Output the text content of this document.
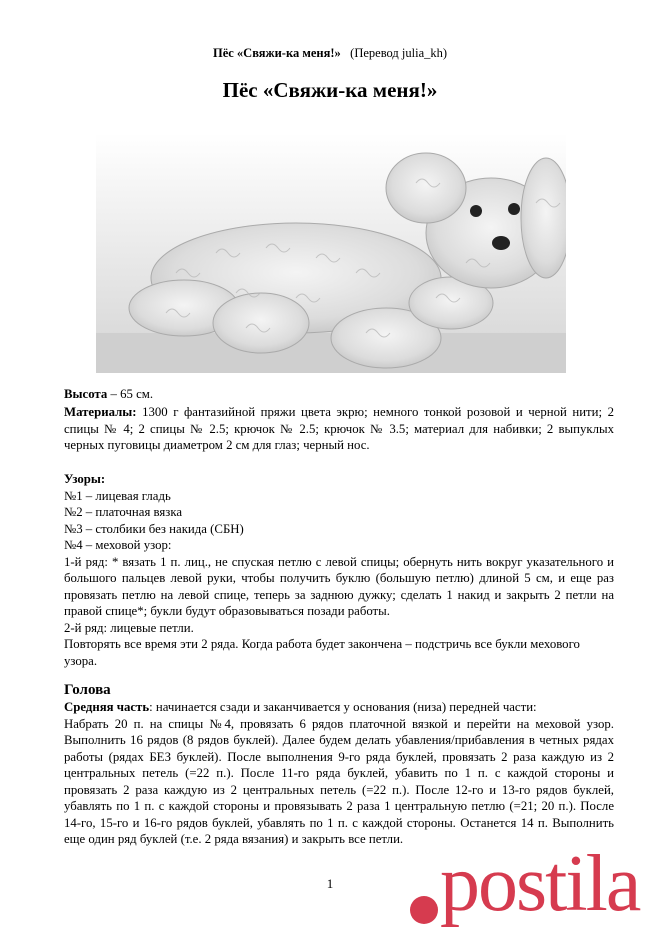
Пёс «Свяжи-ка меня!» (Перевод julia_kh)
Пёс «Свяжи-ка меня!»

Высота – 65 см.

Материалы: 1300 г фантазийной пряжи цвета экрю; немного тонкой розовой и черной нити; 2 спицы № 4; 2 спицы № 2.5; крючок № 2.5; крючок № 3.5; материал для набивки; 2 выпуклых черных пуговицы диаметром 2 см для глаз; черный нос.

Узоры:

№1 – лицевая гладь

№2 – платочная вязка

№3 – столбики без накида (СБН)

№4 – меховой узор:

1-й ряд: * вязать 1 п. лиц., не спуская петлю с левой спицы; обернуть нить вокруг указательного и большого пальцев левой руки, чтобы получить буклю (большую петлю) длиной 5 см, и еще раз провязать петлю на левой спице, теперь за заднюю дужку; сделать 1 накид и закрыть 2 петли на правой спице*; букли будут образовываться позади работы.

2-й ряд: лицевые петли.

Повторять все время эти 2 ряда. Когда работа будет закончена – подстричь все букли мехового узора.

Голова

Средняя часть: начинается сзади и заканчивается у основания (низа) передней части:

Набрать 20 п. на спицы №4, провязать 6 рядов платочной вязкой и перейти на меховой узор. Выполнить 16 рядов (8 рядов буклей). Далее будем делать убавления/прибавления в четных рядах работы (рядах БЕЗ буклей). После выполнения 9-го ряда буклей, провязать 2 раза каждую из 2 центральных петель (=22 п.). После 11-го ряда буклей, убавить по 1 п. с каждой стороны и провязать 2 раза каждую из 2 центральных петель (=22 п.). После 12-го и 13-го рядов буклей, убавлять по 1 п. с каждой стороны и провязывать 2 раза 1 центральную петлю (=21; 20 п.). После 14-го, 15-го и 16-го рядов буклей, убавлять по 1 п. с каждой стороны. Останется 14 п. Выполнить еще один ряд буклей (т.е. 2 ряда вязания) и закрыть все петли.

1	postila
